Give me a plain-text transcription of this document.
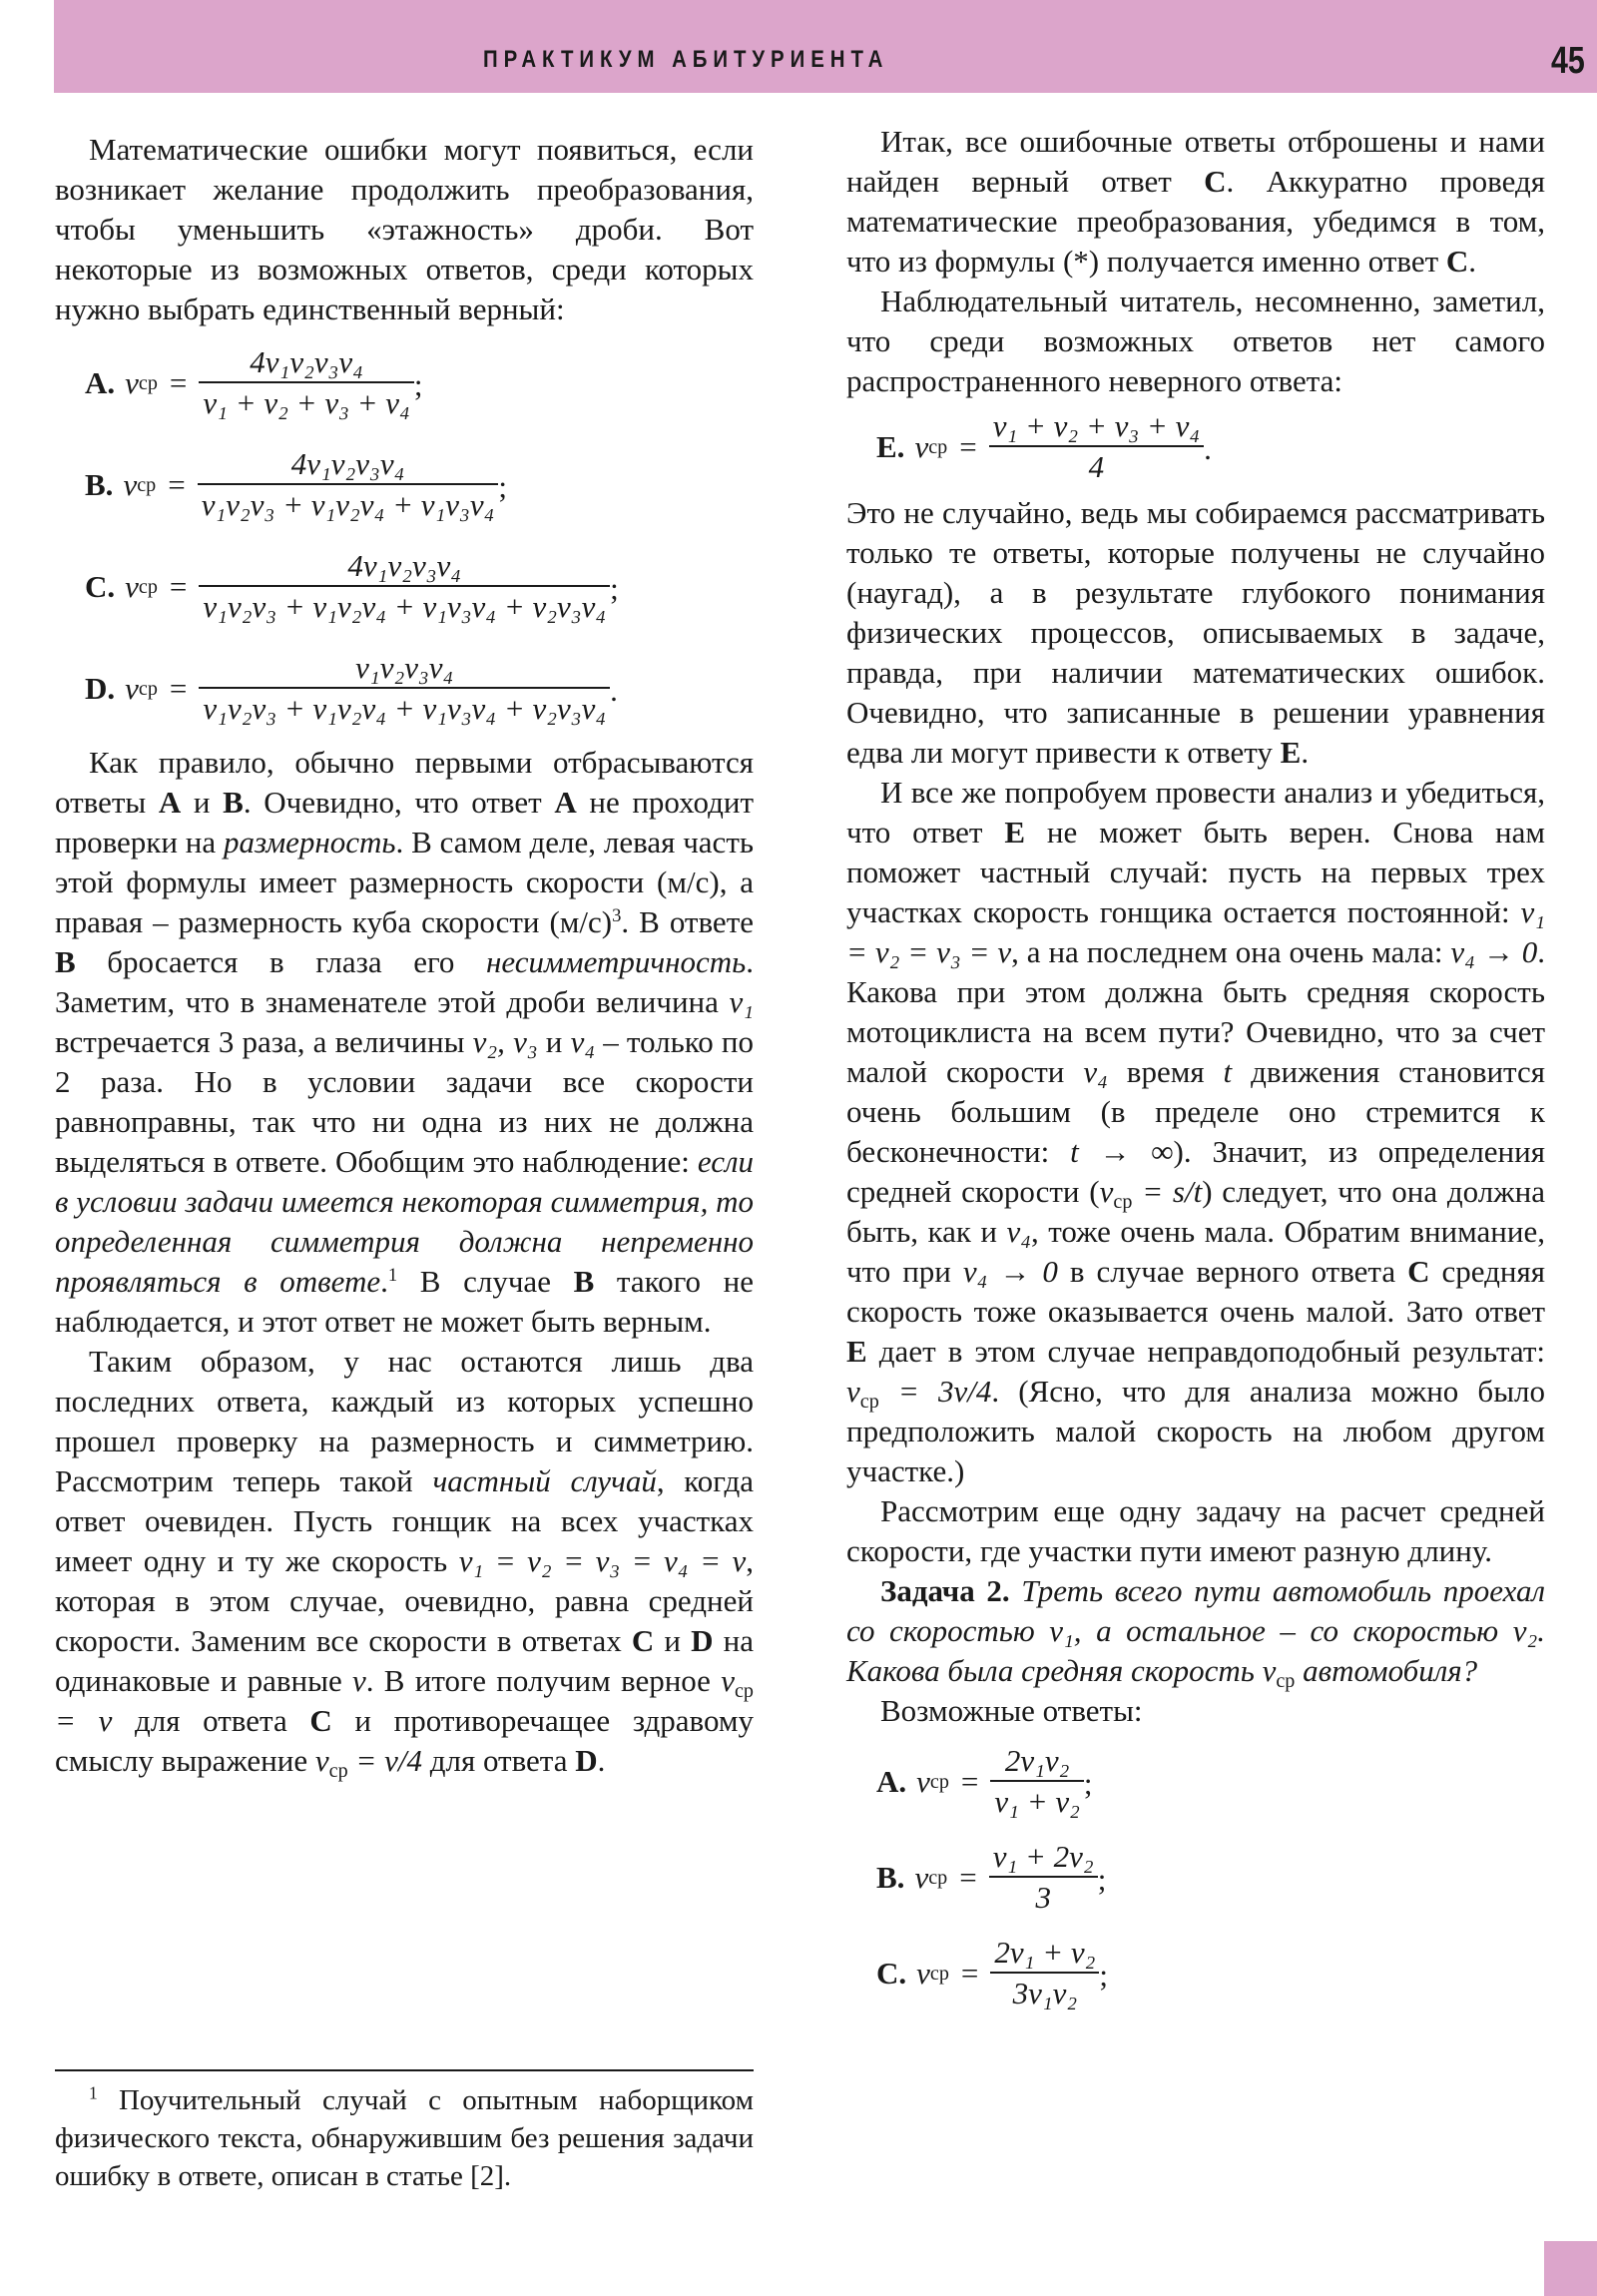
ПРАКТИКУМ АБИТУРИЕНТА	45

Математические ошибки могут появиться, если возникает желание продолжить преобразования, чтобы уменьшить «этажность» дроби. Вот некоторые из возможных ответов, среди которых нужно выбрать единственный верный:

A. v ср = $\frac{\text{4v₁v₂v₃v₄}}{\text{v₁ + v₂ + v₃ + v₄}}$ ;
B. v ср = $\frac{\text{4v₁v₂v₃v₄}}{\text{v₁v₂v₃ + v₁v₂v₄ + v₁v₃v₄}}$ ;
C. v ср = $\frac{\text{4v₁v₂v₃v₄}}{\text{v₁v₂v₃ + v₁v₂v₄ + v₁v₃v₄ + v₂v₃v₄}}$ ;
D. v ср = $\frac{\text{v₁v₂v₃v₄}}{\text{v₁v₂v₃ + v₁v₂v₄ + v₁v₃v₄ + v₂v₃v₄}}$ .

Как правило, обычно первыми отбрасываются ответы A и B. Очевидно, что ответ A не проходит проверки на размерность. В самом деле, левая часть этой формулы имеет размерность скорости (м/с), а правая – размерность куба скорости $(м/с)^3$. В ответе B бросается в глаза его несимметричность. Заметим, что в знаменателе этой дроби величина v₁ встречается 3 раза, а величины v₂, v₃ и v₄ – только по 2 раза. Но в условии задачи все скорости равноправны, так что ни одна из них не должна выделяться в ответе. Обобщим это наблюдение: если в условии задачи имеется некоторая симметрия, то определенная симметрия должна непременно проявляться в ответе.$^1$ В случае B такого не наблюдается, и этот ответ не может быть верным.

Таким образом, у нас остаются лишь два последних ответа, каждый из которых успешно прошел проверку на размерность и симметрию. Рассмотрим теперь такой частный случай, когда ответ очевиден. Пусть гонщик на всех участках имеет одну и ту же скорость v₁ = v₂ = v₃ = v₄ = v, которая в этом случае, очевидно, равна средней скорости. Заменим все скорости в ответах C и D на одинаковые и равные v. В итоге получим верное $v_{ср} = v$ для ответа C и противоречащее здравому смыслу выражение $v_{ср} = v/4$ для ответа D.

$^1$ Поучительный случай с опытным наборщиком физического текста, обнаружившим без решения задачи ошибку в ответе, описан в статье [2].

Итак, все ошибочные ответы отброшены и нами найден верный ответ C. Аккуратно проведя математические преобразования, убедимся в том, что из формулы (*) получается именно ответ C.

Наблюдательный читатель, несомненно, заметил, что среди возможных ответов нет самого распространенного неверного ответа:

E. v ср = $\frac{\text{v₁ + v₂ + v₃ + v₄}}{4}$ .

Это не случайно, ведь мы собираемся рассматривать только те ответы, которые получены не случайно (наугад), а в результате глубокого понимания физических процессов, описываемых в задаче, правда, при наличии математических ошибок. Очевидно, что записанные в решении уравнения едва ли могут привести к ответу E.

И все же попробуем провести анализ и убедиться, что ответ E не может быть верен. Снова нам поможет частный случай: пусть на первых трех участках скорость гонщика остается постоянной: v₁ = v₂ = v₃ = v, а на последнем она очень мала: v₄ → 0. Какова при этом должна быть средняя скорость мотоциклиста на всем пути? Очевидно, что за счет малой скорости v₄ время t движения становится очень большим (в пределе оно стремится к бесконечности: t → ∞). Значит, из определения средней скорости $(v_{ср} = s/t)$ следует, что она должна быть, как и v₄, тоже очень мала. Обратим внимание, что при v₄ → 0 в случае верного ответа C средняя скорость тоже оказывается очень малой. Зато ответ E дает в этом случае неправдоподобный результат: $v_{ср} = 3v/4$. (Ясно, что для анализа можно было предположить малой скорость на любом другом участке.)

Рассмотрим еще одну задачу на расчет средней скорости, где участки пути имеют разную длину.

Задача 2. Треть всего пути автомобиль проехал со скоростью v₁, а остальное – со скоростью v₂. Какова была средняя скорость $v_{ср}$ автомобиля?

Возможные ответы:

A. v ср = $\frac{\text{2v₁v₂}}{\text{v₁ + v₂}}$ ;
B. v ср = $\frac{\text{v₁ + 2v₂}}{3}$ ;
C. v ср = $\frac{\text{2v₁ + v₂}}{\text{3v₁v₂}}$ ;
